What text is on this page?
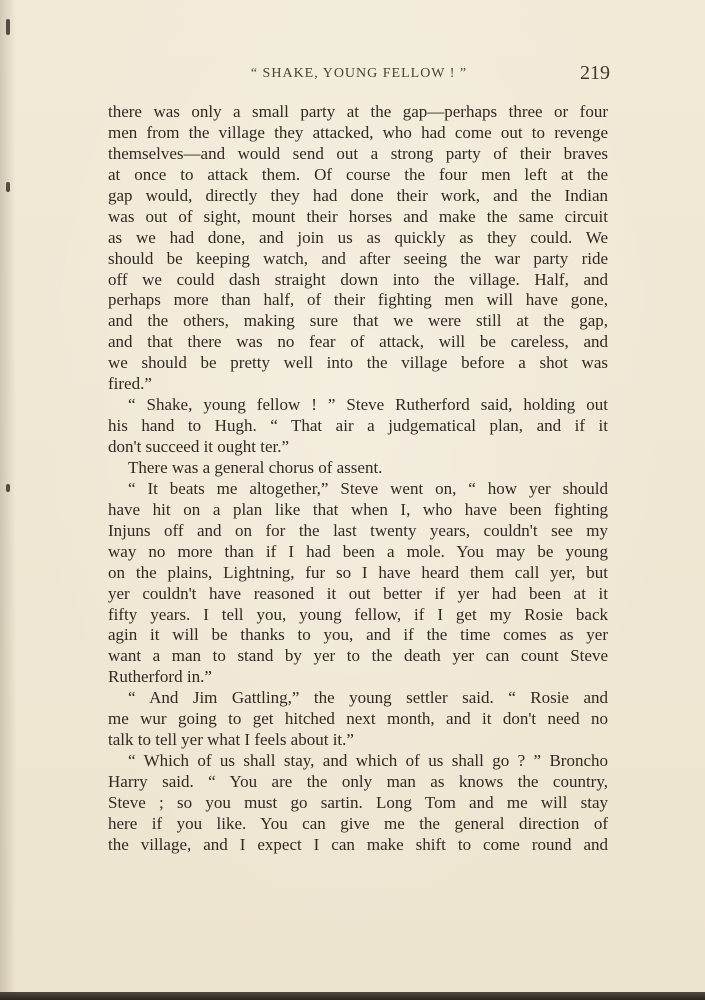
“ SHAKE, YOUNG FELLOW ! ”	219
there was only a small party at the gap—perhaps three or four
men from the village they attacked, who had come out to revenge
themselves—and would send out a strong party of their braves
at once to attack them. Of course the four men left at the
gap would, directly they had done their work, and the Indian
was out of sight, mount their horses and make the same circuit
as we had done, and join us as quickly as they could. We
should be keeping watch, and after seeing the war party ride
off we could dash straight down into the village. Half, and
perhaps more than half, of their fighting men will have gone,
and the others, making sure that we were still at the gap,
and that there was no fear of attack, will be careless, and
we should be pretty well into the village before a shot was
fired.”
“ Shake, young fellow ! ” Steve Rutherford said, holding out
his hand to Hugh. “ That air a judgematical plan, and if it
don't succeed it ought ter.”
There was a general chorus of assent.
“ It beats me altogether,” Steve went on, “ how yer should
have hit on a plan like that when I, who have been fighting
Injuns off and on for the last twenty years, couldn't see my
way no more than if I had been a mole. You may be young
on the plains, Lightning, fur so I have heard them call yer, but
yer couldn't have reasoned it out better if yer had been at it
fifty years. I tell you, young fellow, if I get my Rosie back
agin it will be thanks to you, and if the time comes as yer
want a man to stand by yer to the death yer can count Steve
Rutherford in.”
“ And Jim Gattling,” the young settler said. “ Rosie and
me wur going to get hitched next month, and it don't need no
talk to tell yer what I feels about it.”
“ Which of us shall stay, and which of us shall go ? ” Broncho
Harry said. “ You are the only man as knows the country,
Steve ; so you must go sartin. Long Tom and me will stay
here if you like. You can give me the general direction of
the village, and I expect I can make shift to come round and
